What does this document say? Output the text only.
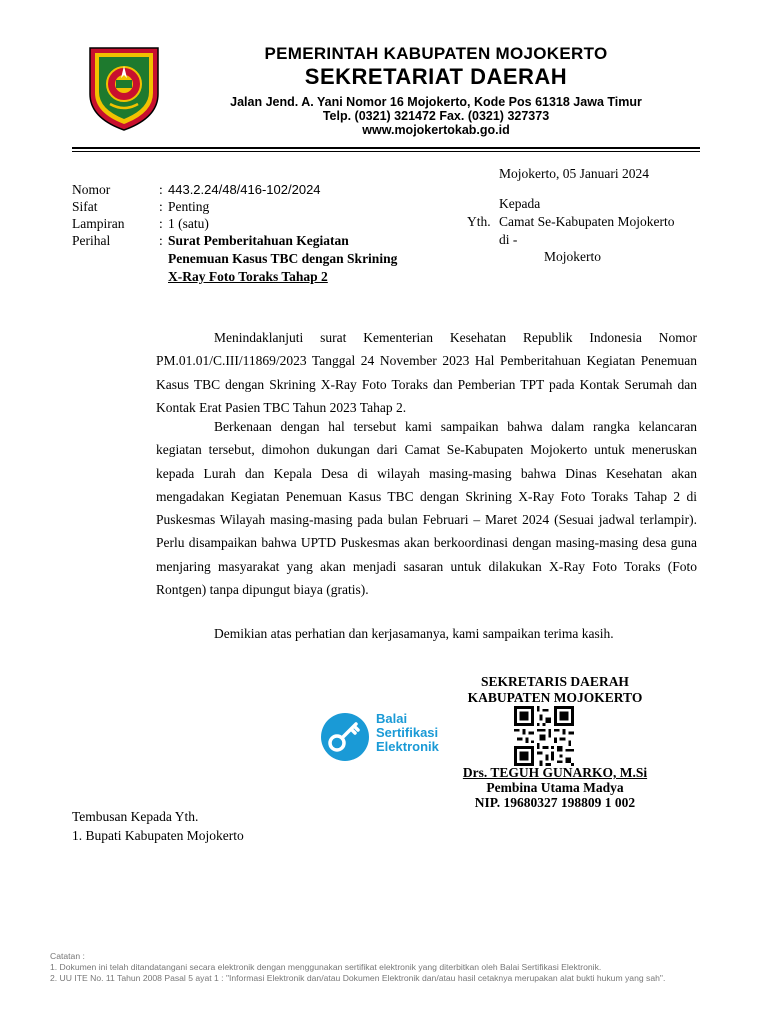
PEMERINTAH KABUPATEN MOJOKERTO
SEKRETARIAT DAERAH
Jalan Jend. A. Yani Nomor 16 Mojokerto, Kode Pos 61318 Jawa Timur
Telp. (0321) 321472 Fax. (0321) 327373
www.mojokertokab.go.id
Mojokerto, 05 Januari 2024
Nomor	: 443.2.24/48/416-102/2024
Sifat	: Penting
Lampiran	: 1 (satu)
Perihal	: Surat Pemberitahuan Kegiatan
Penemuan Kasus TBC dengan Skrining
X-Ray Foto Toraks Tahap 2
Kepada
Yth. Camat Se-Kabupaten Mojokerto
di -
Mojokerto
Menindaklanjuti surat Kementerian Kesehatan Republik Indonesia Nomor PM.01.01/C.III/11869/2023 Tanggal 24 November 2023 Hal Pemberitahuan Kegiatan Penemuan Kasus TBC dengan Skrining X-Ray Foto Toraks dan Pemberian TPT pada Kontak Serumah dan Kontak Erat Pasien TBC Tahun 2023 Tahap 2.
Berkenaan dengan hal tersebut kami sampaikan bahwa dalam rangka kelancaran kegiatan tersebut, dimohon dukungan dari Camat Se-Kabupaten Mojokerto untuk meneruskan kepada Lurah dan Kepala Desa di wilayah masing-masing bahwa Dinas Kesehatan akan mengadakan Kegiatan Penemuan Kasus TBC dengan Skrining X-Ray Foto Toraks Tahap 2 di Puskesmas Wilayah masing-masing pada bulan Februari – Maret 2024 (Sesuai jadwal terlampir). Perlu disampaikan bahwa UPTD Puskesmas akan berkoordinasi dengan masing-masing desa guna menjaring masyarakat yang akan menjadi sasaran untuk dilakukan X-Ray Foto Toraks (Foto Rontgen) tanpa dipungut biaya (gratis).
Demikian atas perhatian dan kerjasamanya, kami sampaikan terima kasih.
SEKRETARIS DAERAH
KABUPATEN MOJOKERTO
Balai
Sertifikasi
Elektronik
Drs. TEGUH GUNARKO, M.Si
Pembina Utama Madya
NIP. 19680327 198809 1 002
Tembusan Kepada Yth.
1. Bupati Kabupaten Mojokerto
Catatan :
1. Dokumen ini telah ditandatangani secara elektronik dengan menggunakan sertifikat elektronik yang diterbitkan oleh Balai Sertifikasi Elektronik.
2. UU ITE No. 11 Tahun 2008 Pasal 5 ayat 1 : "Informasi Elektronik dan/atau Dokumen Elektronik dan/atau hasil cetaknya merupakan alat bukti hukum yang sah".
